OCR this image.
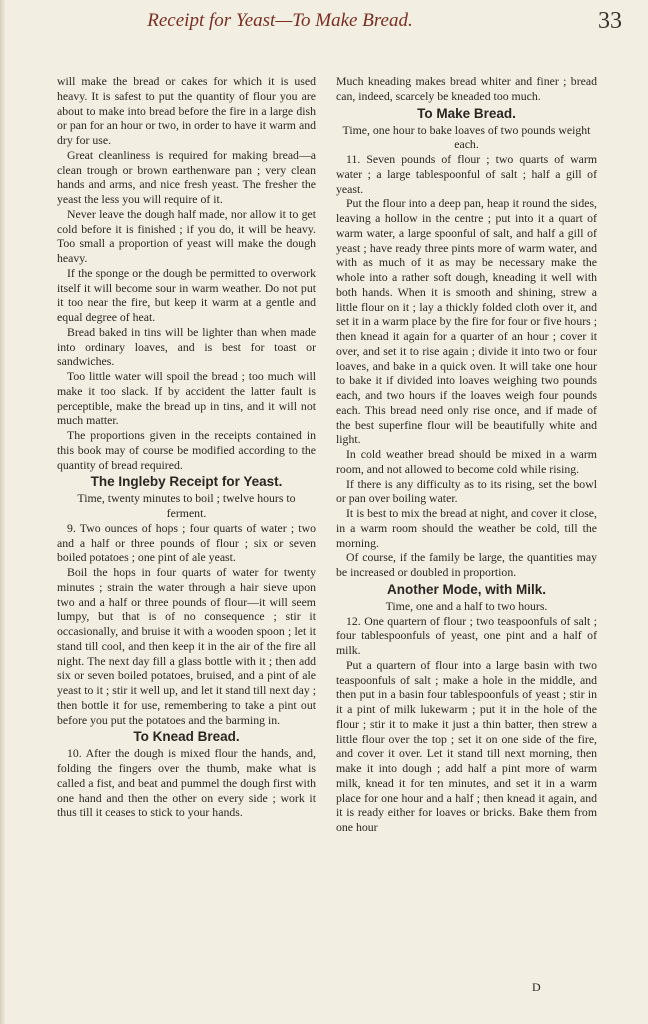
Receipt for Yeast—To Make Bread.	33

will make the bread or cakes for which it is used heavy. It is safest to put the quantity of flour you are about to make into bread before the fire in a large dish or pan for an hour or two, in order to have it warm and dry for use.

Great cleanliness is required for making bread—a clean trough or brown earthenware pan ; very clean hands and arms, and nice fresh yeast. The fresher the yeast the less you will require of it.

Never leave the dough half made, nor allow it to get cold before it is finished ; if you do, it will be heavy. Too small a proportion of yeast will make the dough heavy.

If the sponge or the dough be permitted to overwork itself it will become sour in warm weather. Do not put it too near the fire, but keep it warm at a gentle and equal degree of heat.

Bread baked in tins will be lighter than when made into ordinary loaves, and is best for toast or sandwiches.

Too little water will spoil the bread ; too much will make it too slack. If by accident the latter fault is perceptible, make the bread up in tins, and it will not much matter.

The proportions given in the receipts contained in this book may of course be modified according to the quantity of bread required.

The Ingleby Receipt for Yeast.

Time, twenty minutes to boil ; twelve hours to ferment.

9. Two ounces of hops ; four quarts of water ; two and a half or three pounds of flour ; six or seven boiled potatoes ; one pint of ale yeast.

Boil the hops in four quarts of water for twenty minutes ; strain the water through a hair sieve upon two and a half or three pounds of flour—it will seem lumpy, but that is of no consequence ; stir it occasionally, and bruise it with a wooden spoon ; let it stand till cool, and then keep it in the air of the fire all night. The next day fill a glass bottle with it ; then add six or seven boiled potatoes, bruised, and a pint of ale yeast to it ; stir it well up, and let it stand till next day ; then bottle it for use, remembering to take a pint out before you put the potatoes and the barming in.

To Knead Bread.

10. After the dough is mixed flour the hands, and, folding the fingers over the thumb, make what is called a fist, and beat and pummel the dough first with one hand and then the other on every side ; work it thus till it ceases to stick to your hands.

Much kneading makes bread whiter and finer ; bread can, indeed, scarcely be kneaded too much.

To Make Bread.

Time, one hour to bake loaves of two pounds weight each.

11. Seven pounds of flour ; two quarts of warm water ; a large tablespoonful of salt ; half a gill of yeast.

Put the flour into a deep pan, heap it round the sides, leaving a hollow in the centre ; put into it a quart of warm water, a large spoonful of salt, and half a gill of yeast ; have ready three pints more of warm water, and with as much of it as may be necessary make the whole into a rather soft dough, kneading it well with both hands. When it is smooth and shining, strew a little flour on it ; lay a thickly folded cloth over it, and set it in a warm place by the fire for four or five hours ; then knead it again for a quarter of an hour ; cover it over, and set it to rise again ; divide it into two or four loaves, and bake in a quick oven. It will take one hour to bake it if divided into loaves weighing two pounds each, and two hours if the loaves weigh four pounds each. This bread need only rise once, and if made of the best superfine flour will be beautifully white and light.

In cold weather bread should be mixed in a warm room, and not allowed to become cold while rising.

If there is any difficulty as to its rising, set the bowl or pan over boiling water.

It is best to mix the bread at night, and cover it close, in a warm room should the weather be cold, till the morning.

Of course, if the family be large, the quantities may be increased or doubled in proportion.

Another Mode, with Milk.

Time, one and a half to two hours.

12. One quartern of flour ; two teaspoonfuls of salt ; four tablespoonfuls of yeast, one pint and a half of milk.

Put a quartern of flour into a large basin with two teaspoonfuls of salt ; make a hole in the middle, and then put in a basin four tablespoonfuls of yeast ; stir in it a pint of milk lukewarm ; put it in the hole of the flour ; stir it to make it just a thin batter, then strew a little flour over the top ; set it on one side of the fire, and cover it over. Let it stand till next morning, then make it into dough ; add half a pint more of warm milk, knead it for ten minutes, and set it in a warm place for one hour and a half ; then knead it again, and it is ready either for loaves or bricks. Bake them from one hour

D
